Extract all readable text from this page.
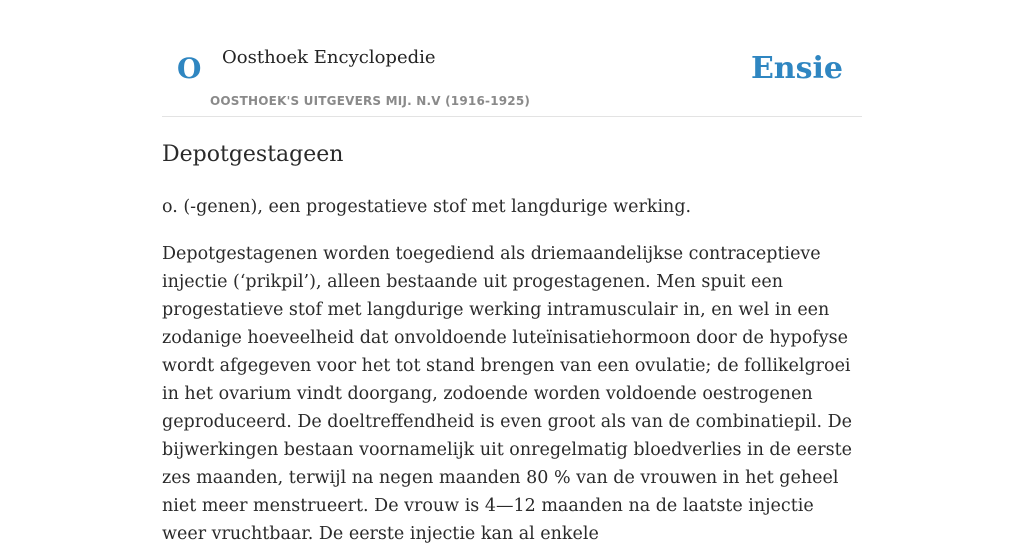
O Oosthoek Encyclopedie
OOSTHOEK'S UITGEVERS MIJ. N.V (1916-1925)
Ensie
Depotgestageen

o. (-genen), een progestatieve stof met langdurige werking.

Depotgestagenen worden toegediend als driemaandelijkse contraceptieve injectie (‘prikpil’), alleen bestaande uit progestagenen. Men spuit een progestatieve stof met langdurige werking intramusculair in, en wel in een zodanige hoeveelheid dat onvoldoende luteïnisatiehormoon door de hypofyse wordt afgegeven voor het tot stand brengen van een ovulatie; de follikelgroei in het ovarium vindt doorgang, zodoende worden voldoende oestrogenen geproduceerd. De doeltreffendheid is even groot als van de combinatiepil. De bijwerkingen bestaan voornamelijk uit onregelmatig bloedverlies in de eerste zes maanden, terwijl na negen maanden 80 % van de vrouwen in het geheel niet meer menstrueert. De vrouw is 4—12 maanden na de laatste injectie weer vruchtbaar. De eerste injectie kan al enkele
